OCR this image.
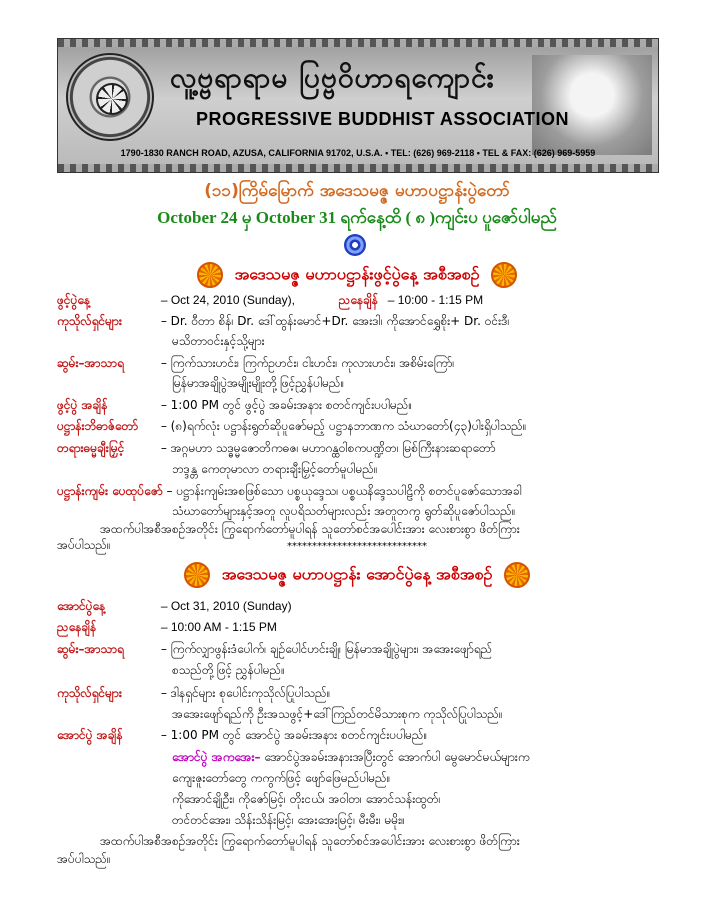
လူ့ဗ္ဗရာရာမ ပြဗ္ဗဝိဟာရကျောင်း
PROGRESSIVE BUDDHIST ASSOCIATION
1790-1830 RANCH ROAD, AZUSA, CALIFORNIA 91702, U.S.A. • TEL: (626) 969-2118 • TEL & FAX: (626) 969-5959
(၁၁)ကြိမ်မြောက် အဒေသမဇ္ဇ မဟာပဋ္ဌာန်းပွဲတော်
October 24 မှ October 31 ရက်နေ့ထိ ( ၈ )ကျင်းပ ပူဇော်ပါမည်
အဒေသမဇ္ဇ မဟာပဋ္ဌာန်းဖွင့်ပွဲနေ့ အစီအစဉ်
ဖွင့်ပွဲနေ့	– Oct 24, 2010 (Sunday),	ညနေချိန် – 10:00 - 1:15 PM
ကုသိုလ်ရှင်များ	– Dr. ဝီတာ စိန်၊ Dr. ဒေါ်ထွန်းမောင်+Dr. အေးဒါ၊ ကိုအောင်ရွှေစိုး+ Dr. ဝင်းဒီ၊
မသိတာဝင်းနှင့်သို့များ
ဆွမ်း–အာသာရ	– ကြက်သားဟင်း၊ ကြက်ဥဟင်း၊ ငါးဟင်း၊ ကုလားဟင်း၊ အစိမ်းကြော်၊
မြန်မာအချိုပွဲအမျိုးမျိုးတို့ဖြင့်ညွှန်ပါမည်။
ဖွင့်ပွဲ အချိန်	– 1:00 PM တွင် ဖွင့်ပွဲ အခမ်းအနား စတင်ကျင်းပပါမည်။
ပဋ္ဌာန်းဘိဓာဇ်တော် – (၈)ရက်လုံး ပဋ္ဌာန်းရွတ်ဆိုပူဇော်မည့် ပဋ္ဌာနဘာဏက သံဃာတော်(၄၃)ပါးရှိပါသည်။
တရားဓမ္မချီးမြှင့်	– အဂ္ဂမဟာ သဒ္ဓမ္မဇောတိကဓဇ၊ မဟာဂန္ထဝါစကပဏ္ဍိတ၊ မြစ်ကြီးနားဆရာတော်
ဘဒ္ဒန္တ ကေတုမာလာ တရားချီးမြှင့်တော်မူပါမည်။
ပဋ္ဌာန်းကျမ်း ပေထုပ်ဇော် – ပဋ္ဌာန်းကျမ်းအစဖြစ်သော ပစ္စယုဒ္ဒေသ၊ ပစ္စယနိဒ္ဒေသပါဠိကို စတင်ပူဇော်သောအခါ
သံဃာတော်များနှင့်အတူ လူပရိသတ်များလည်း အတူတကွ ရွတ်ဆိုပူဇော်ပါသည်။
အထက်ပါအစီအစဉ်အတိုင်း ကြွရောက်တော်မူပါရန် သူတော်စင်အပေါင်းအား လေးစားစွာ ဖိတ်ကြား
အပ်ပါသည်။	****************************
အဒေသမဇ္ဇ မဟာပဋ္ဌာန်း အောင်ပွဲနေ့ အစီအစဉ်
အောင်ပွဲနေ့	– Oct 31, 2010 (Sunday)
ညနေချိန်	– 10:00 AM - 1:15 PM
ဆွမ်း–အာသာရ	– ကြက်လျှာဖွန်းဒံပေါက်၊ ချဉ်ပေါင်ဟင်းချို၊ မြန်မာအချိုပွဲများ၊ အအေးဖျော်ရည်
စသည်တို့ဖြင့် ညွှန်ပါမည်။
ကုသိုလ်ရှင်များ	– ဒါနရှင်များ စုပေါင်းကုသိုလ်ပြုပါသည်။
အအေးဖျော်ရည်ကို ဦးအသဖွင့်+ဒေါ်ကြည်တင်မိသားစုက ကုသိုလ်ပြုပါသည်။
အောင်ပွဲ အချိန်	– 1:00 PM တွင် အောင်ပွဲ အခမ်းအနား စတင်ကျင်းပပါမည်။
အောင်ပွဲ အကအေး– အောင်ပွဲအခမ်းအနားအပြီးတွင် အောက်ပါ မွေမောင်မယ်များက
ကျေးဇူးတော်တွေ ကကွက်ဖြင့် ဖျော်ဖြေမည်ပါမည်။
ကိုအောင်ချိုဦး၊ ကိုဇော်မြင့်၊ တိုးငယ်၊ အဝါတ၊ အောင်သန်းထွတ်၊
တင်တင်အေး၊ သိန်းသိန်းမြင့်၊ အေးအေးမြင့်၊ မီးမီး၊ မမိုး။
အထက်ပါအစီအစဉ်အတိုင်း ကြွရောက်တော်မူပါရန် သူတော်စင်အပေါင်းအား လေးစားစွာ ဖိတ်ကြား
အပ်ပါသည်။
